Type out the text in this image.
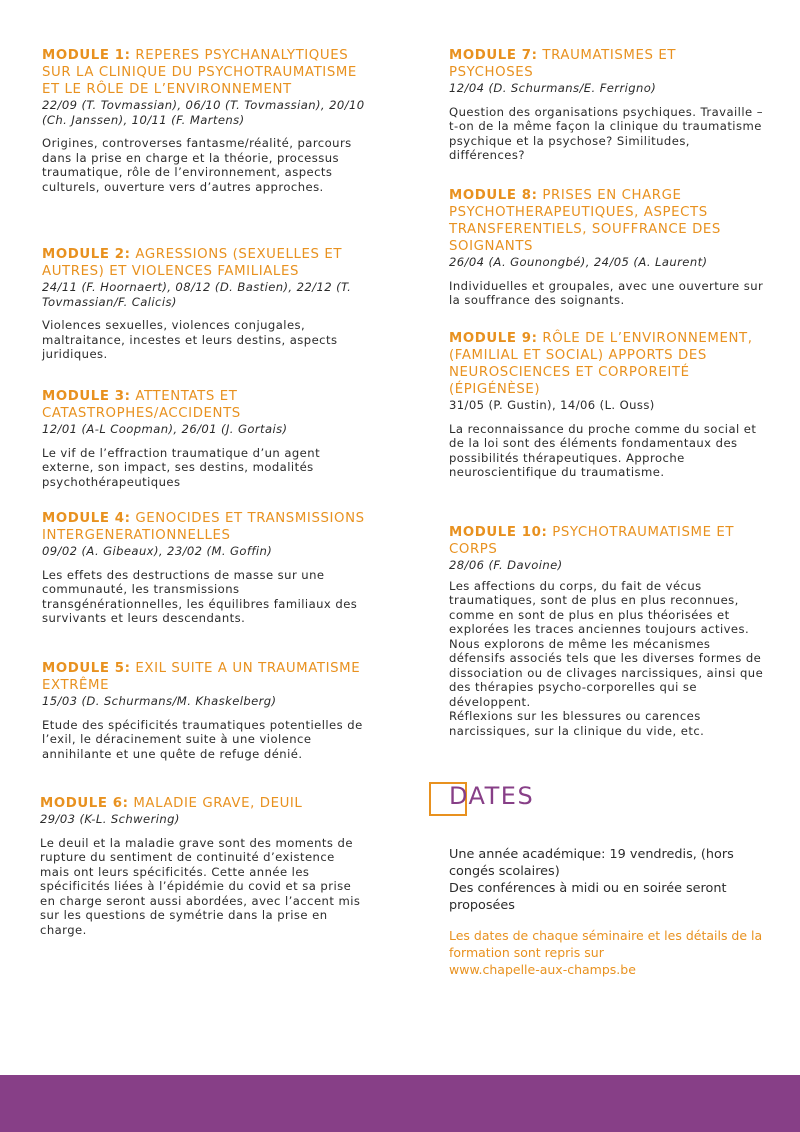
MODULE 1: REPERES PSYCHANALYTIQUES SUR LA CLINIQUE DU PSYCHOTRAUMATISME ET LE RÔLE DE L’ENVIRONNEMENT

22/09 (T. Tovmassian), 06/10 (T. Tovmassian), 20/10 (Ch. Janssen), 10/11 (F. Martens)

Origines, controverses fantasme/réalité, parcours dans la prise en charge et la théorie, processus traumatique, rôle de l’environnement, aspects culturels, ouverture vers d’autres approches.

MODULE 2: AGRESSIONS (SEXUELLES ET AUTRES) ET VIOLENCES FAMILIALES

24/11 (F. Hoornaert), 08/12 (D. Bastien), 22/12 (T. Tovmassian/F. Calicis)

Violences sexuelles, violences conjugales, maltraitance, incestes et leurs destins, aspects juridiques.

MODULE 3: ATTENTATS ET CATASTROPHES/ACCIDENTS

12/01 (A-L Coopman), 26/01 (J. Gortais)

Le vif de l’effraction traumatique d’un agent externe, son impact, ses destins, modalités psychothérapeutiques

MODULE 4: GENOCIDES ET TRANSMISSIONS INTERGENERATIONNELLES

09/02 (A. Gibeaux), 23/02 (M. Goffin)

Les effets des destructions de masse sur une communauté, les transmissions transgénérationnelles, les équilibres familiaux des survivants et leurs descendants.

MODULE 5: EXIL SUITE A UN TRAUMATISME EXTRÊME

15/03 (D. Schurmans/M. Khaskelberg)

Etude des spécificités traumatiques potentielles de l’exil, le déracinement suite à une violence annihilante et une quête de refuge dénié.

MODULE 6: MALADIE GRAVE, DEUIL

29/03 (K-L. Schwering)

Le deuil et la maladie grave sont des moments de rupture du sentiment de continuité d’existence mais ont leurs spécificités. Cette année les spécificités liées à l’épidémie du covid et sa prise en charge seront aussi abordées, avec l’accent mis sur les questions de symétrie dans la prise en charge.

MODULE 7: TRAUMATISMES ET PSYCHOSES

12/04 (D. Schurmans/E. Ferrigno)

Question des organisations psychiques. Travaille – t-on de la même façon la clinique du traumatisme psychique et la psychose? Similitudes, différences?

MODULE 8: PRISES EN CHARGE PSYCHOTHERAPEUTIQUES, ASPECTS TRANSFERENTIELS, SOUFFRANCE DES SOIGNANTS

26/04 (A. Gounongbé), 24/05 (A. Laurent)

Individuelles et groupales, avec une ouverture sur la souffrance des soignants.

MODULE 9: RÔLE DE L’ENVIRONNEMENT, (FAMILIAL ET SOCIAL) APPORTS DES NEUROSCIENCES ET CORPOREITÉ (ÉPIGÉNÈSE)

31/05 (P. Gustin), 14/06 (L. Ouss)

La reconnaissance du proche comme du social et de la loi sont des éléments fondamentaux des possibilités thérapeutiques. Approche neuroscientifique du traumatisme.

MODULE 10: PSYCHOTRAUMATISME ET CORPS

28/06 (F. Davoine)

Les affections du corps, du fait de vécus traumatiques, sont de plus en plus reconnues, comme en sont de plus en plus théorisées et explorées les traces anciennes toujours actives.
Nous explorons de même les mécanismes défensifs associés tels que les diverses formes de dissociation ou de clivages narcissiques, ainsi que des thérapies psycho-corporelles qui se développent.
Réflexions sur les blessures ou carences narcissiques, sur la clinique du vide, etc.

DATES

Une année académique: 19 vendredis, (hors congés scolaires)
Des conférences à midi ou en soirée seront proposées

Les dates de chaque séminaire et les détails de la formation sont repris sur
www.chapelle-aux-champs.be
